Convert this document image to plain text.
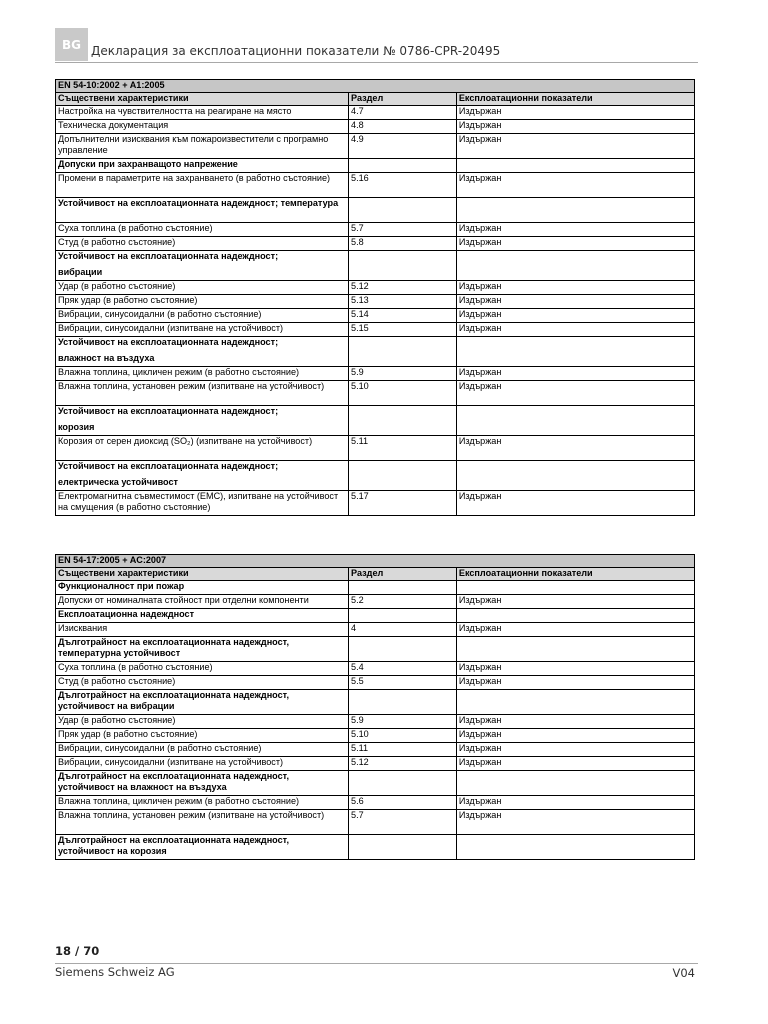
BG Декларация за експлоатационни показатели № 0786-CPR-20495
EN 54-10:2002 + A1:2005		
Съществени характеристики	Раздел	Експлоатационни показатели
Настройка на чувствителността на реагиране на място	4.7	Издържан
Техническа документация	4.8	Издържан
Допълнителни изисквания към пожароизвестители с програмно управление	4.9	Издържан
Допуски при захранващото напрежение		
Промени в параметрите на захранването (в работно състояние)	5.16	Издържан
Устойчивост на експлоатационната надеждност; температура		
Суха топлина (в работно състояние)	5.7	Издържан
Студ (в работно състояние)	5.8	Издържан
Устойчивост на експлоатационната надеждност;
вибрации		

Удар (в работно състояние)	5.12	Издържан
Пряк удар (в работно състояние)	5.13	Издържан
Вибрации, синусоидални (в работно състояние)	5.14	Издържан
Вибрации, синусоидални (изпитване на устойчивост)	5.15	Издържан
Устойчивост на експлоатационната надеждност;
влажност на въздуха		

Влажна топлина, цикличен режим (в работно състояние)	5.9	Издържан
Влажна топлина, установен режим (изпитване на устойчивост)	5.10	Издържан
Устойчивост на експлоатационната надеждност;
корозия		

Корозия от серен диоксид (SO₂) (изпитване на устойчивост)	5.11	Издържан
Устойчивост на експлоатационната надеждност;
електрическа устойчивост		

Електромагнитна съвместимост (EMC), изпитване на устойчивост на смущения (в работно състояние)	5.17	Издържан
EN 54-17:2005 + AC:2007		
Съществени характеристики	Раздел	Експлоатационни показатели
Функционалност при пожар		
Допуски от номиналната стойност при отделни компоненти	5.2	Издържан
Експлоатационна надеждност		
Изисквания	4	Издържан
Дълготрайност на експлоатационната надеждност, температурна устойчивост		
Суха топлина (в работно състояние)	5.4	Издържан
Студ (в работно състояние)	5.5	Издържан
Дълготрайност на експлоатационната надеждност, устойчивост на вибрации		
Удар (в работно състояние)	5.9	Издържан
Пряк удар (в работно състояние)	5.10	Издържан
Вибрации, синусоидални (в работно състояние)	5.11	Издържан
Вибрации, синусоидални (изпитване на устойчивост)	5.12	Издържан
Дълготрайност на експлоатационната надеждност, устойчивост на влажност на въздуха		
Влажна топлина, цикличен режим (в работно състояние)	5.6	Издържан
Влажна топлина, установен режим (изпитване на устойчивост)	5.7	Издържан
Дълготрайност на експлоатационната надеждност, устойчивост на корозия		
18 / 70
Siemens Schweiz AG	V04
